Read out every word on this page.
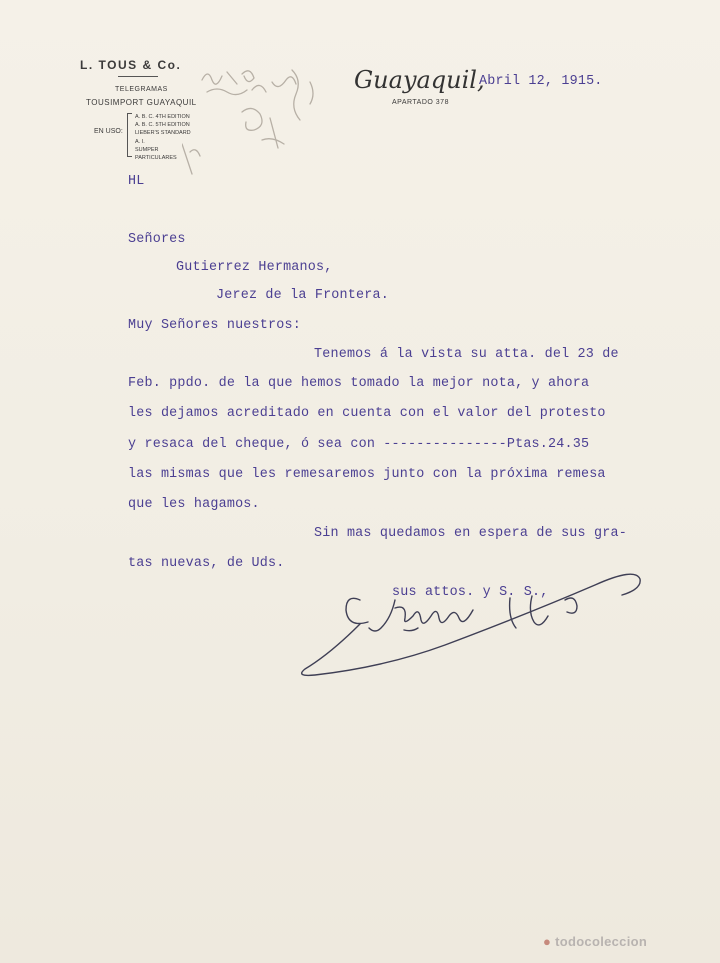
L. TOUS & Co.
TELEGRAMAS
TOUSIMPORT GUAYAQUIL
EN USO:
A. B. C. 4TH EDITION
A. B. C. 5TH EDITION
LIEBER'S STANDARD
A. I.
SUMPER
PARTICULARES
Guayaquil,
APARTADO 378
Abril 12, 1915.
HL
Señores
Gutierrez Hermanos,
Jerez de la Frontera.
Muy Señores nuestros:
Tenemos á la vista su atta. del 23 de
Feb. ppdo. de la que hemos tomado la mejor nota, y ahora
les dejamos acreditado en cuenta con el valor del protesto
y resaca del cheque, ó sea con ---------------Ptas.24.35
las mismas que les remesaremos junto con la próxima remesa
que les hagamos.
Sin mas quedamos en espera de sus gra-
tas nuevas, de Uds.
sus attos. y S. S.,
● todocoleccion
